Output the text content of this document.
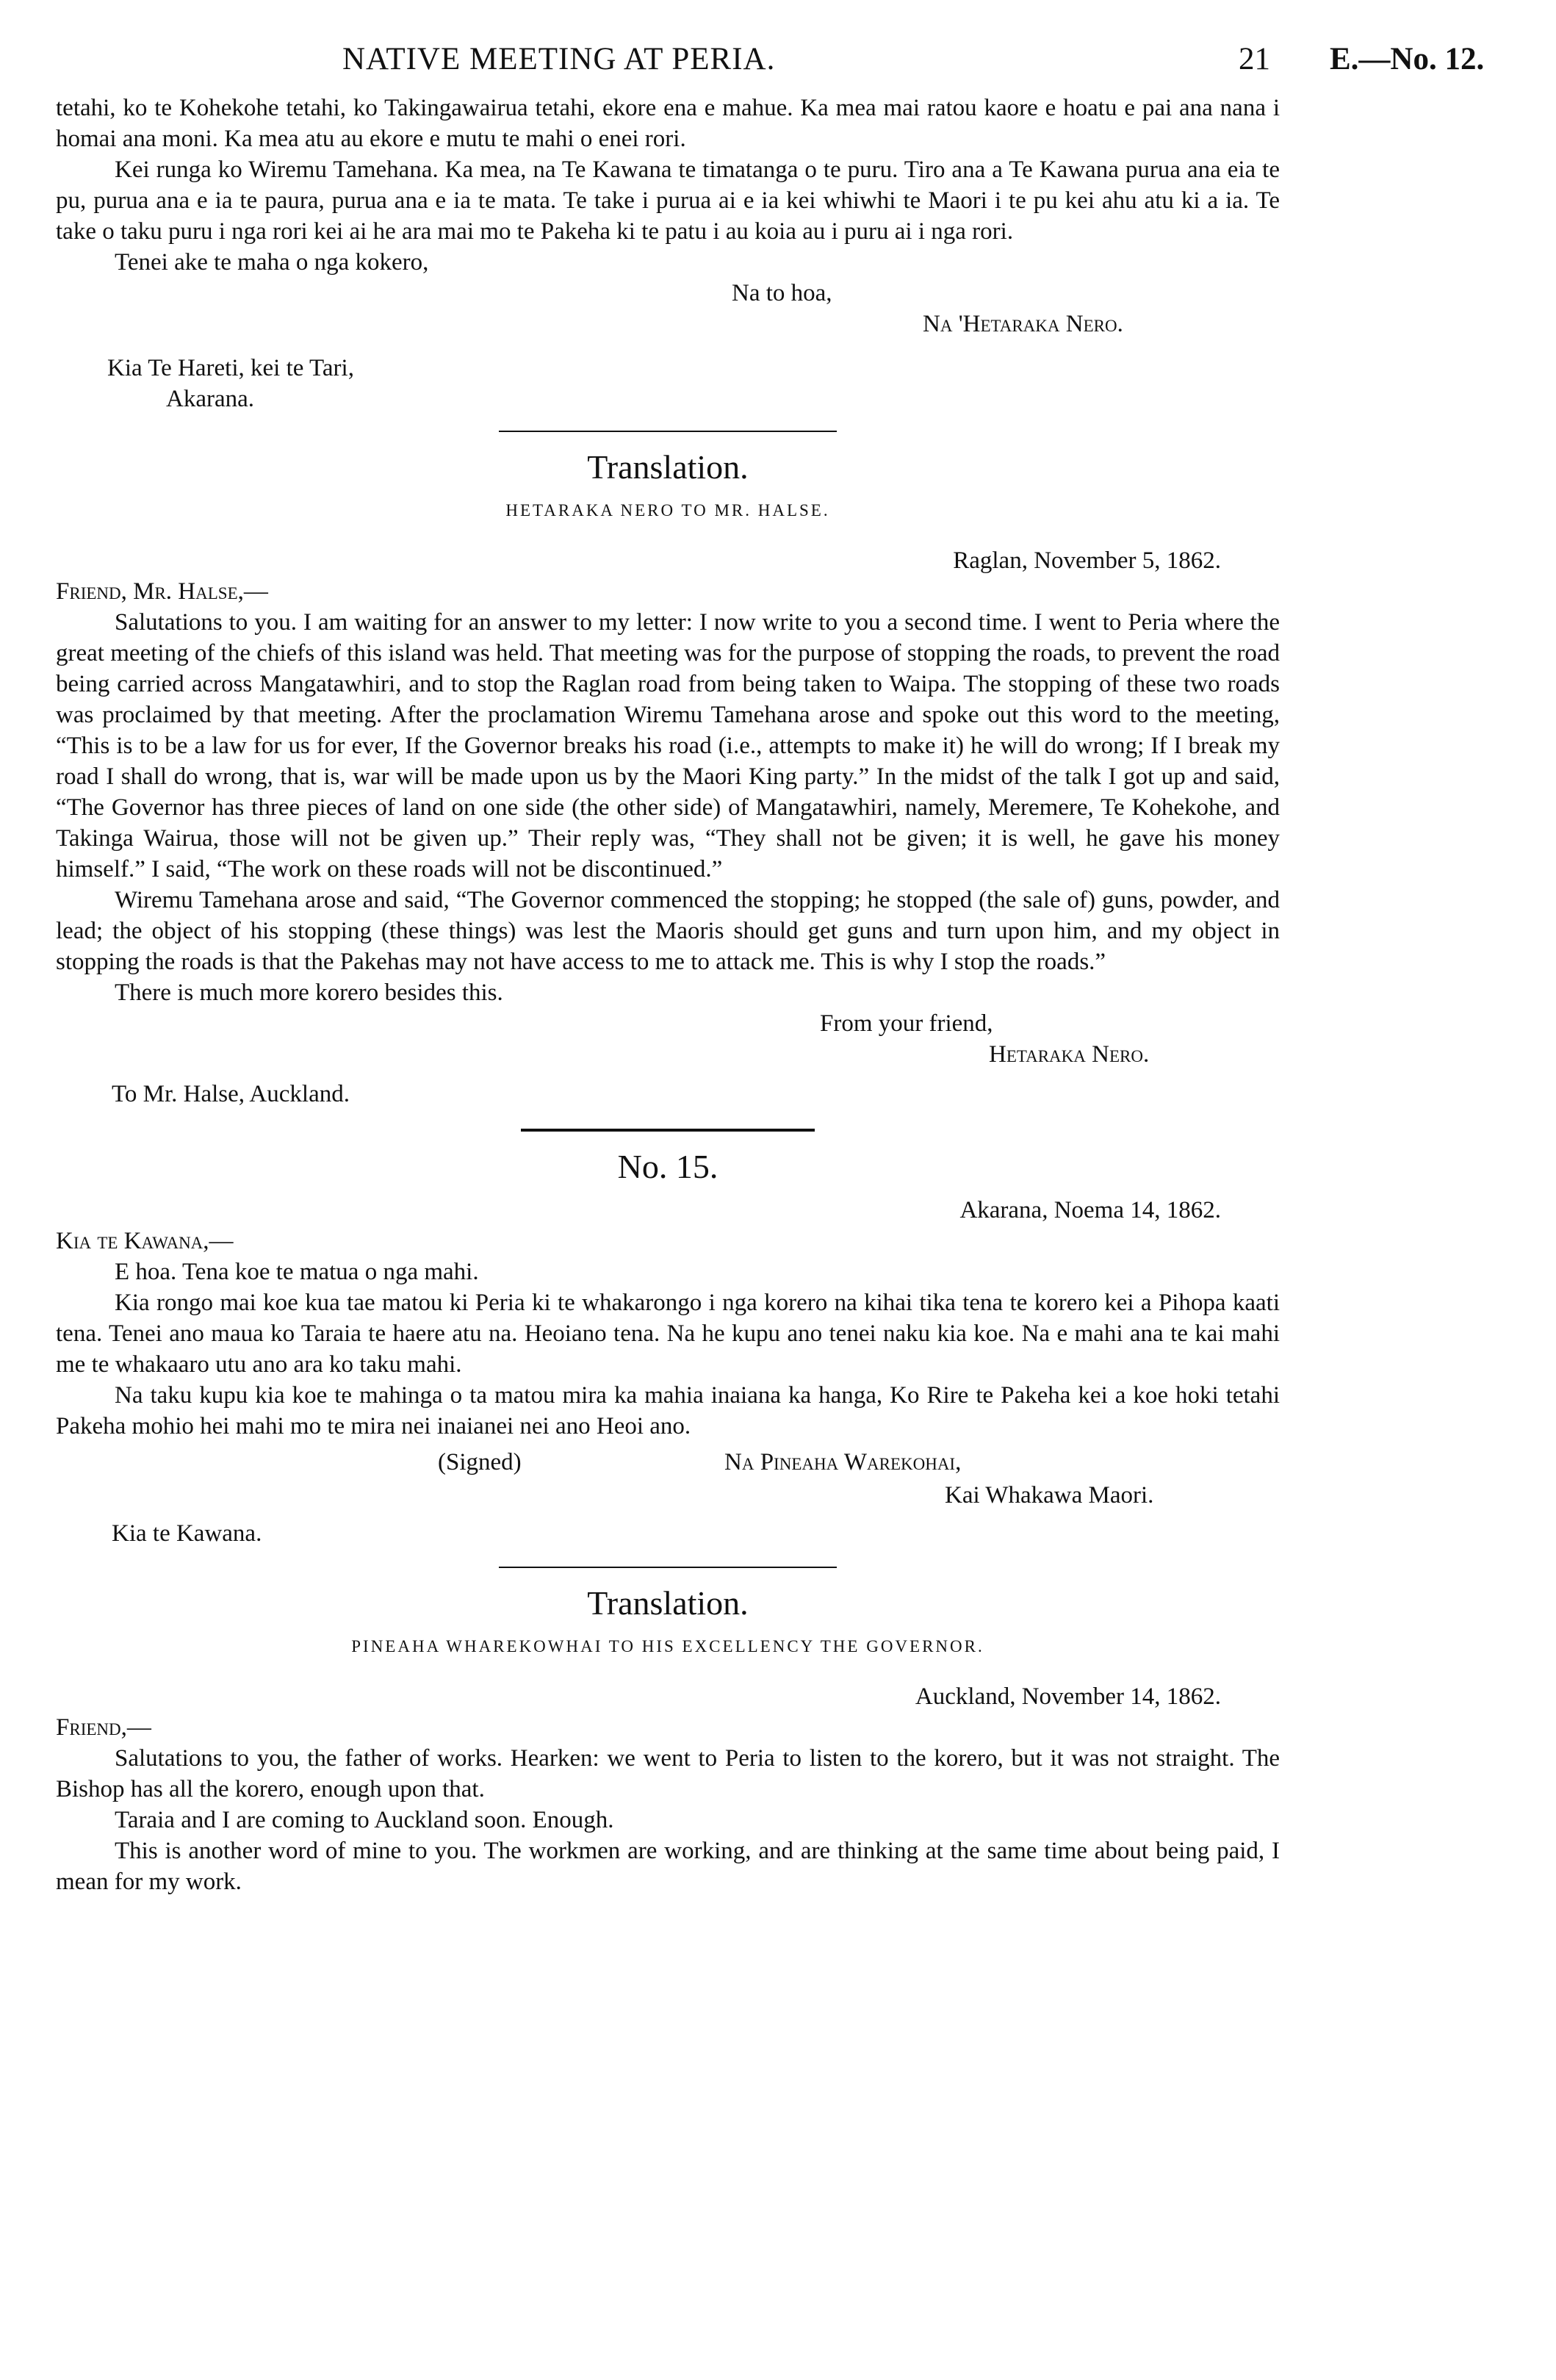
NATIVE MEETING AT PERIA.	21 E.—No. 12.

tetahi, ko te Kohekohe tetahi, ko Takingawairua tetahi, ekore ena e mahue. Ka mea mai ratou kaore e hoatu e pai ana nana i homai ana moni. Ka mea atu au ekore e mutu te mahi o enei rori.

Kei runga ko Wiremu Tamehana. Ka mea, na Te Kawana te timatanga o te puru. Tiro ana a Te Kawana purua ana eia te pu, purua ana e ia te paura, purua ana e ia te mata. Te take i purua ai e ia kei whiwhi te Maori i te pu kei ahu atu ki a ia. Te take o taku puru i nga rori kei ai he ara mai mo te Pakeha ki te patu i au koia au i puru ai i nga rori.

Tenei ake te maha o nga kokero,

Na to hoa,

Na 'Hetaraka Nero.

Kia Te Hareti, kei te Tari,

Akarana.

Translation.

HETARAKA NERO TO MR. HALSE.

Raglan, November 5, 1862.

Friend, Mr. Halse,—

Salutations to you. I am waiting for an answer to my letter: I now write to you a second time. I went to Peria where the great meeting of the chiefs of this island was held. That meeting was for the purpose of stopping the roads, to prevent the road being carried across Mangatawhiri, and to stop the Raglan road from being taken to Waipa. The stopping of these two roads was proclaimed by that meeting. After the proclamation Wiremu Tamehana arose and spoke out this word to the meeting, “This is to be a law for us for ever, If the Governor breaks his road (i.e., attempts to make it) he will do wrong; If I break my road I shall do wrong, that is, war will be made upon us by the Maori King party.” In the midst of the talk I got up and said, “The Governor has three pieces of land on one side (the other side) of Mangatawhiri, namely, Meremere, Te Kohekohe, and Takinga Wairua, those will not be given up.” Their reply was, “They shall not be given; it is well, he gave his money himself.” I said, “The work on these roads will not be discontinued.”

Wiremu Tamehana arose and said, “The Governor commenced the stopping; he stopped (the sale of) guns, powder, and lead; the object of his stopping (these things) was lest the Maoris should get guns and turn upon him, and my object in stopping the roads is that the Pakehas may not have access to me to attack me. This is why I stop the roads.”

There is much more korero besides this.

From your friend,

Hetaraka Nero.

To Mr. Halse, Auckland.

No. 15.

Akarana, Noema 14, 1862.

Kia te Kawana,—

E hoa. Tena koe te matua o nga mahi.

Kia rongo mai koe kua tae matou ki Peria ki te whakarongo i nga korero na kihai tika tena te korero kei a Pihopa kaati tena. Tenei ano maua ko Taraia te haere atu na. Heoiano tena. Na he kupu ano tenei naku kia koe. Na e mahi ana te kai mahi me te whakaaro utu ano ara ko taku mahi.

Na taku kupu kia koe te mahinga o ta matou mira ka mahia inaiana ka hanga, Ko Rire te Pakeha kei a koe hoki tetahi Pakeha mohio hei mahi mo te mira nei inaianei nei ano Heoi ano.

(Signed)	Na Pineaha Warekohai,

Kai Whakawa Maori.

Kia te Kawana.

Translation.

PINEAHA WHAREKOWHAI TO HIS EXCELLENCY THE GOVERNOR.

Auckland, November 14, 1862.

Friend,—

Salutations to you, the father of works. Hearken: we went to Peria to listen to the korero, but it was not straight. The Bishop has all the korero, enough upon that.

Taraia and I are coming to Auckland soon. Enough.

This is another word of mine to you. The workmen are working, and are thinking at the same time about being paid, I mean for my work.
